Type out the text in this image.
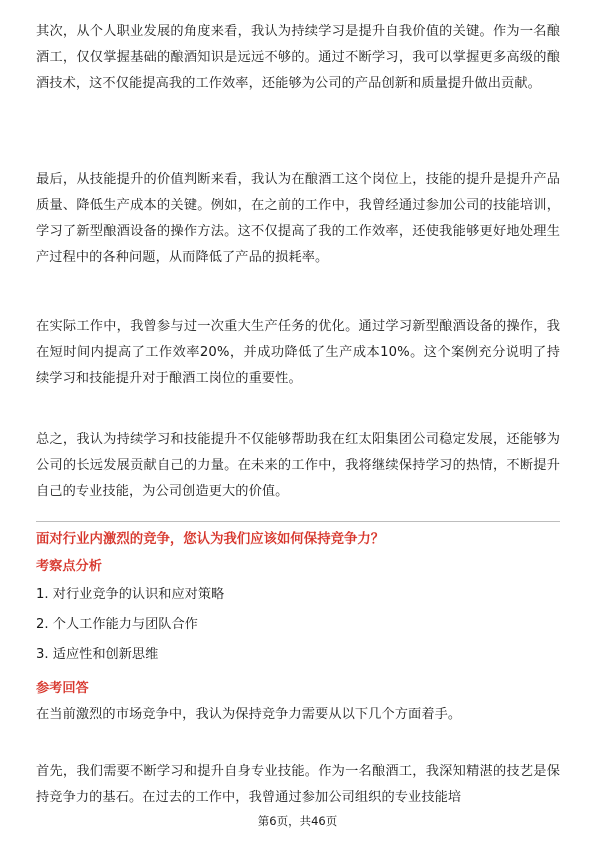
其次，从个人职业发展的角度来看，我认为持续学习是提升自我价值的关键。作为一名酿酒工，仅仅掌握基础的酿酒知识是远远不够的。通过不断学习，我可以掌握更多高级的酿酒技术，这不仅能提高我的工作效率，还能够为公司的产品创新和质量提升做出贡献。

最后，从技能提升的价值判断来看，我认为在酿酒工这个岗位上，技能的提升是提升产品质量、降低生产成本的关键。例如，在之前的工作中，我曾经通过参加公司的技能培训，学习了新型酿酒设备的操作方法。这不仅提高了我的工作效率，还使我能够更好地处理生产过程中的各种问题，从而降低了产品的损耗率。

在实际工作中，我曾参与过一次重大生产任务的优化。通过学习新型酿酒设备的操作，我在短时间内提高了工作效率20%，并成功降低了生产成本10%。这个案例充分说明了持续学习和技能提升对于酿酒工岗位的重要性。

总之，我认为持续学习和技能提升不仅能够帮助我在红太阳集团公司稳定发展，还能够为公司的长远发展贡献自己的力量。在未来的工作中，我将继续保持学习的热情，不断提升自己的专业技能，为公司创造更大的价值。

面对行业内激烈的竞争，您认为我们应该如何保持竞争力？

考察点分析

1. 对行业竞争的认识和应对策略

2. 个人工作能力与团队合作

3. 适应性和创新思维

参考回答

在当前激烈的市场竞争中，我认为保持竞争力需要从以下几个方面着手。

首先，我们需要不断学习和提升自身专业技能。作为一名酿酒工，我深知精湛的技艺是保持竞争力的基石。在过去的工作中，我曾通过参加公司组织的专业技能培

第6页，共46页
